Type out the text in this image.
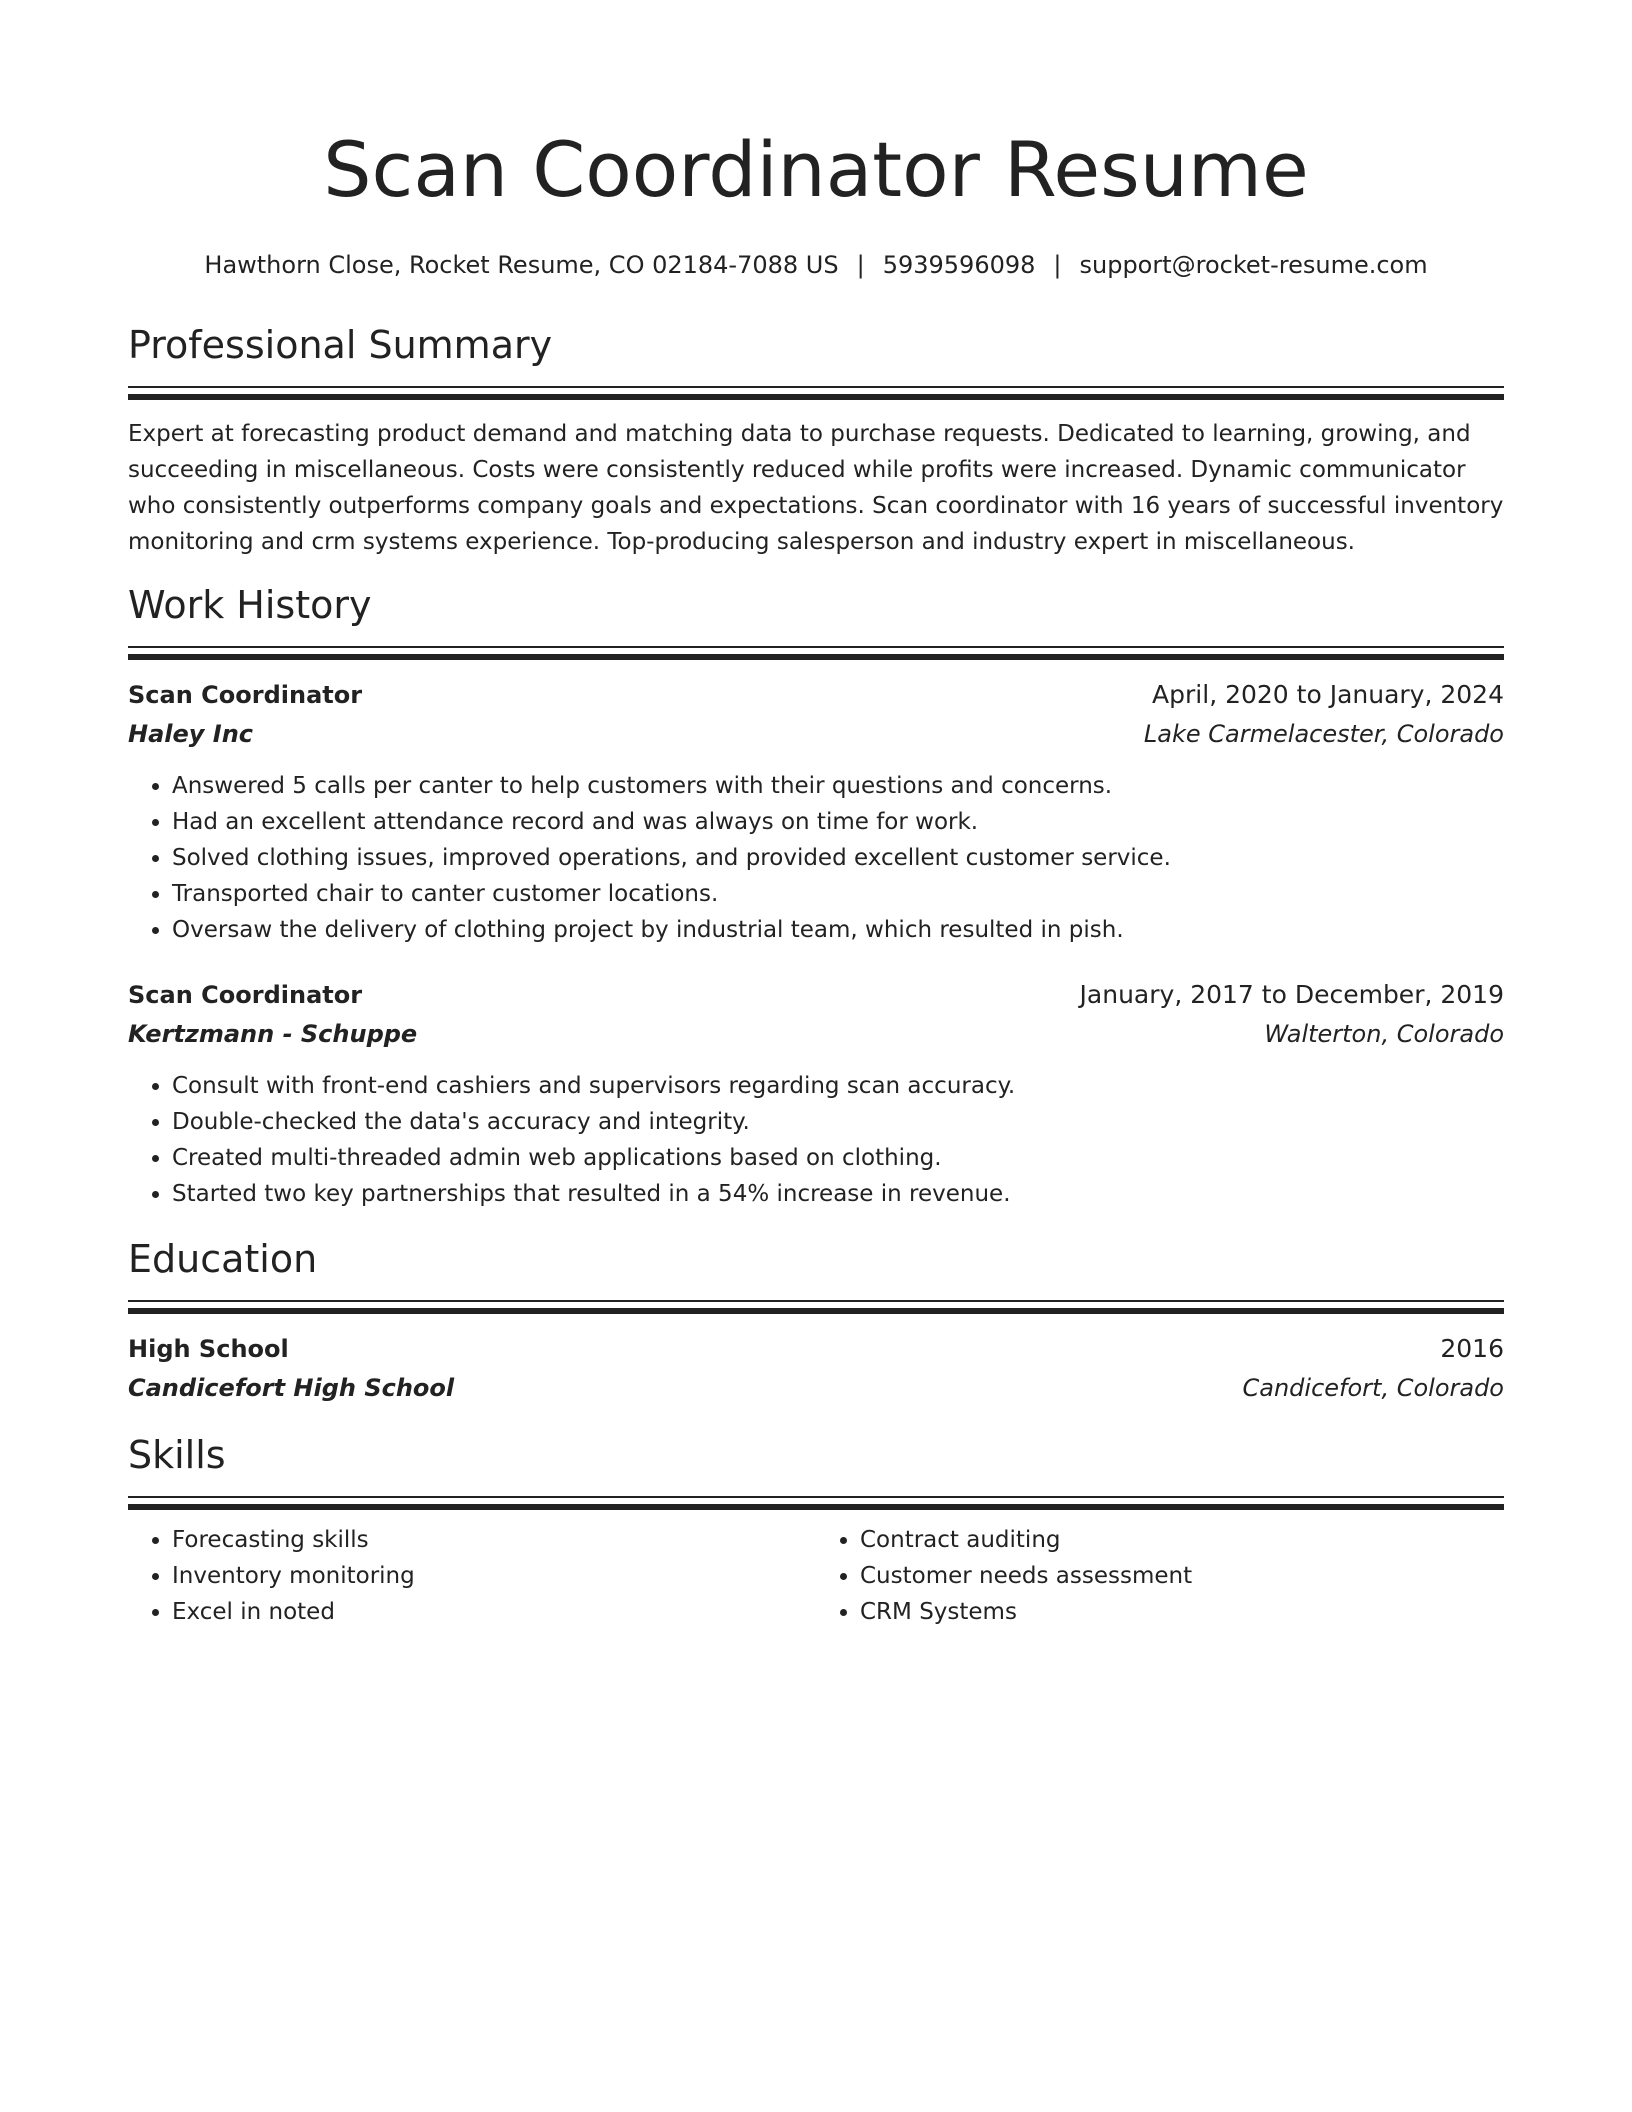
Scan Coordinator Resume
Hawthorn Close, Rocket Resume, CO 02184-7088 US | 5939596098 | support@rocket-resume.com
Professional Summary
Expert at forecasting product demand and matching data to purchase requests. Dedicated to learning, growing, and succeeding in miscellaneous. Costs were consistently reduced while profits were increased. Dynamic communicator who consistently outperforms company goals and expectations. Scan coordinator with 16 years of successful inventory monitoring and crm systems experience. Top-producing salesperson and industry expert in miscellaneous.
Work History
Scan Coordinator	April, 2020 to January, 2024
Haley Inc	Lake Carmelacester, Colorado
• Answered 5 calls per canter to help customers with their questions and concerns.
• Had an excellent attendance record and was always on time for work.
• Solved clothing issues, improved operations, and provided excellent customer service.
• Transported chair to canter customer locations.
• Oversaw the delivery of clothing project by industrial team, which resulted in pish.
Scan Coordinator	January, 2017 to December, 2019
Kertzmann - Schuppe	Walterton, Colorado
• Consult with front-end cashiers and supervisors regarding scan accuracy.
• Double-checked the data's accuracy and integrity.
• Created multi-threaded admin web applications based on clothing.
• Started two key partnerships that resulted in a 54% increase in revenue.
Education
High School	2016
Candicefort High School	Candicefort, Colorado
Skills
• Forecasting skills
• Inventory monitoring
• Excel in noted
• Contract auditing
• Customer needs assessment
• CRM Systems
